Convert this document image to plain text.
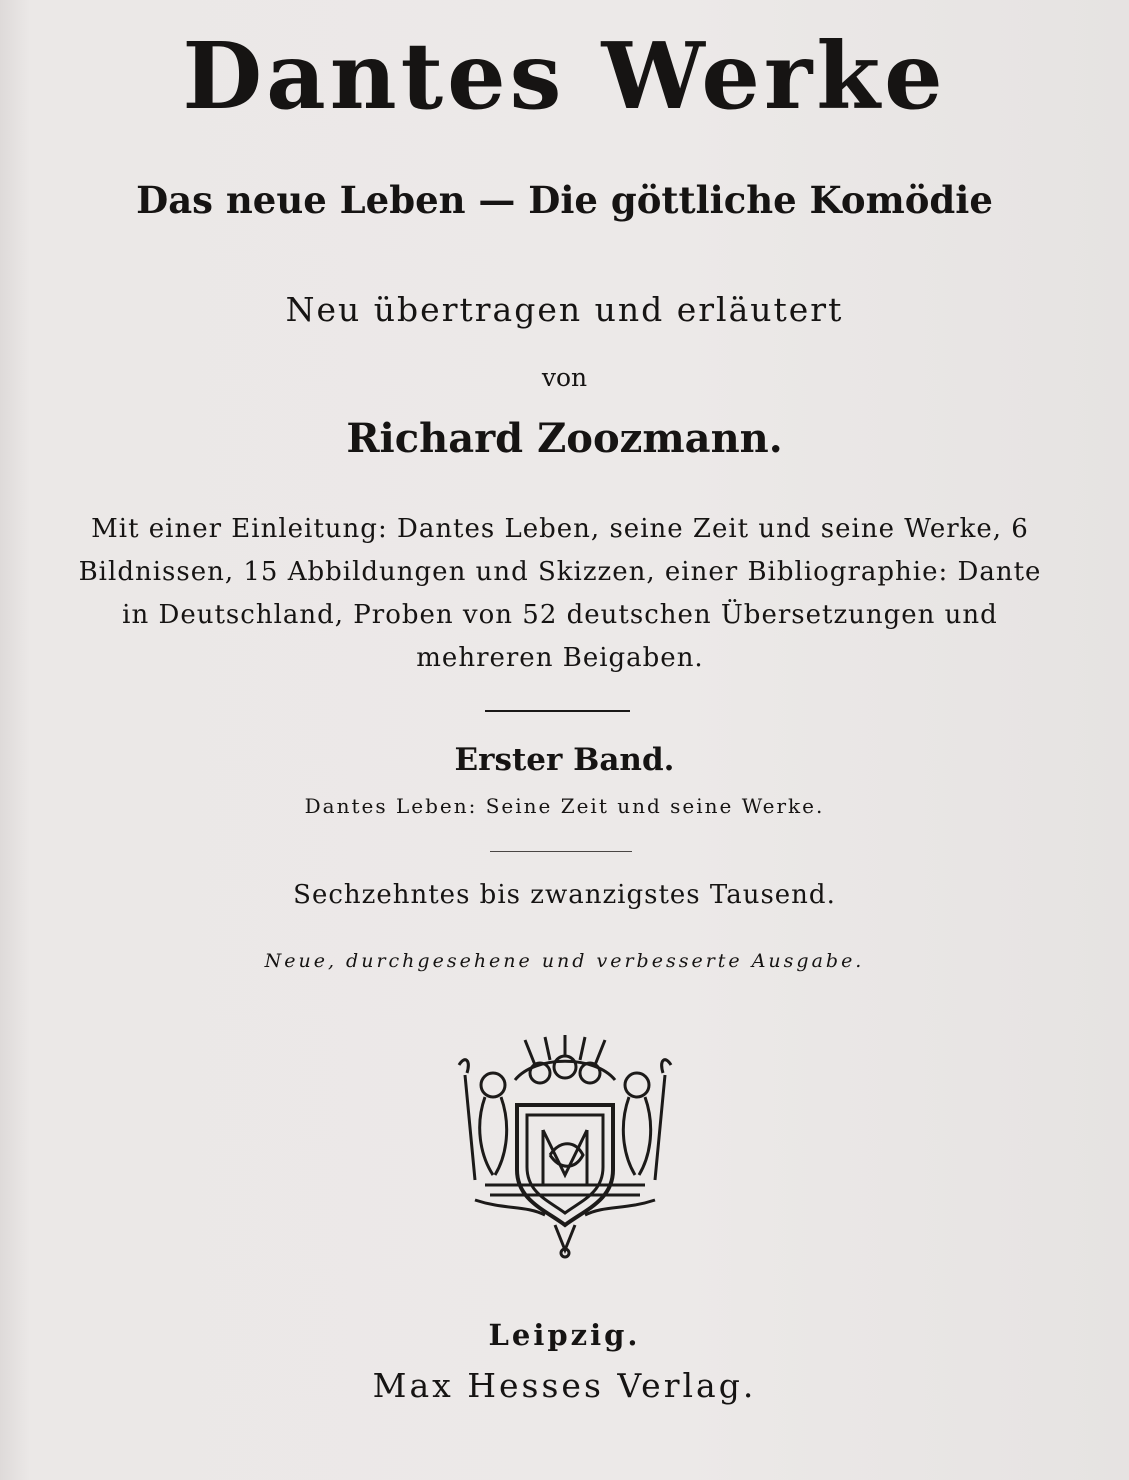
Dantes Werke
Das neue Leben — Die göttliche Komödie
Neu übertragen und erläutert
von
Richard Zoozmann.
Mit einer Einleitung: Dantes Leben, seine Zeit und seine Werke, 6 Bildnissen, 15 Abbildungen und Skizzen, einer Bibliographie: Dante in Deutschland, Proben von 52 deutschen Übersetzungen und mehreren Beigaben.
Erster Band.
Dantes Leben: Seine Zeit und seine Werke.
Sechzehntes bis zwanzigstes Tausend.
Neue, durchgesehene und verbesserte Ausgabe.
Leipzig.
Max Hesses Verlag.
